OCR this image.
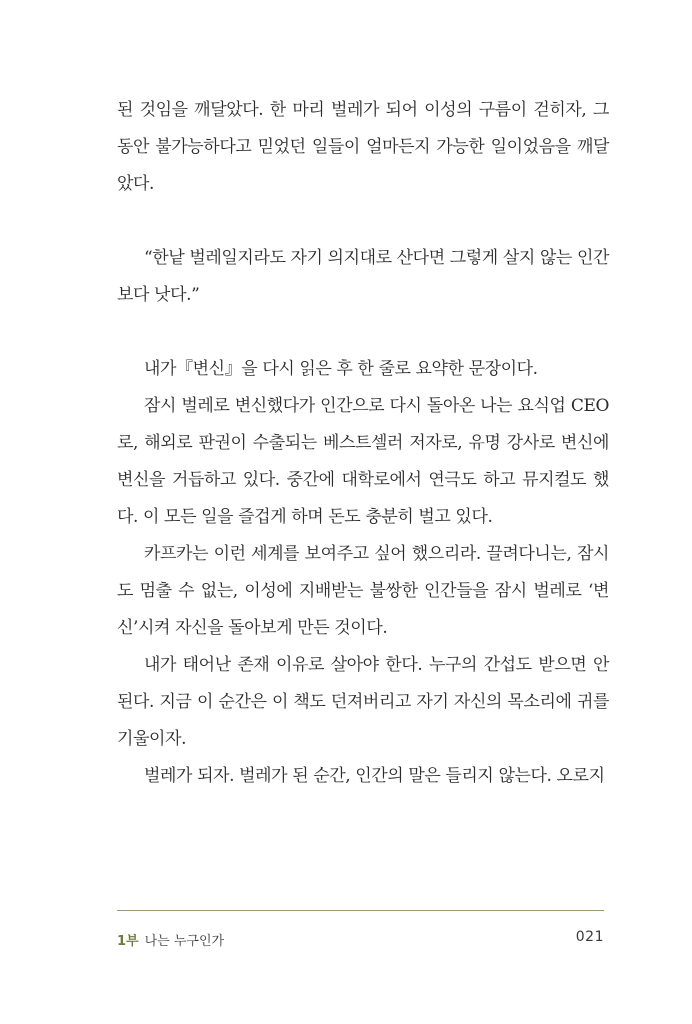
된 것임을 깨달았다. 한 마리 벌레가 되어 이성의 구름이 걷히자, 그 동안 불가능하다고 믿었던 일들이 얼마든지 가능한 일이었음을 깨달았다.

“한낱 벌레일지라도 자기 의지대로 산다면 그렇게 살지 않는 인간보다 낫다.”

내가『변신』을 다시 읽은 후 한 줄로 요약한 문장이다.

잠시 벌레로 변신했다가 인간으로 다시 돌아온 나는 요식업 CEO로, 해외로 판권이 수출되는 베스트셀러 저자로, 유명 강사로 변신에 변신을 거듭하고 있다. 중간에 대학로에서 연극도 하고 뮤지컬도 했다. 이 모든 일을 즐겁게 하며 돈도 충분히 벌고 있다.

카프카는 이런 세계를 보여주고 싶어 했으리라. 끌려다니는, 잠시도 멈출 수 없는, 이성에 지배받는 불쌍한 인간들을 잠시 벌레로 ‘변신’시켜 자신을 돌아보게 만든 것이다.

내가 태어난 존재 이유로 살아야 한다. 누구의 간섭도 받으면 안된다. 지금 이 순간은 이 책도 던져버리고 자기 자신의 목소리에 귀를 기울이자.

벌레가 되자. 벌레가 된 순간, 인간의 말은 들리지 않는다. 오로지

1부 나는 누구인가	021
